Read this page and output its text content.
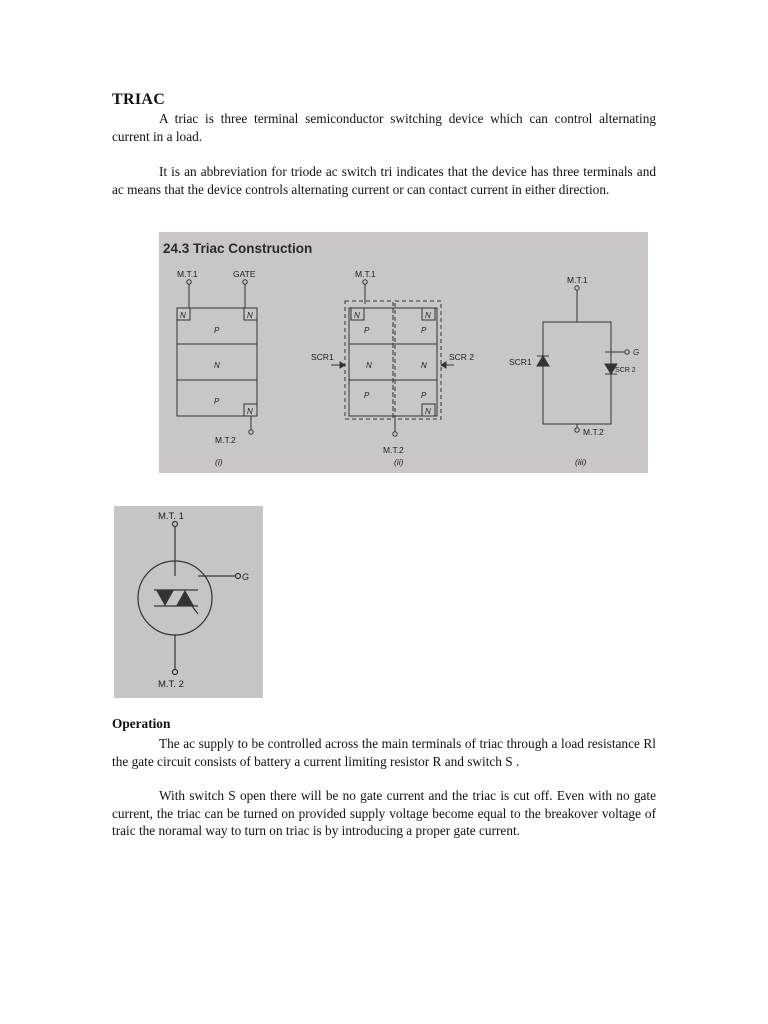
TRIAC
A triac is three terminal semiconductor switching device which can control alternating current in a load.
It is an abbreviation for triode ac switch tri indicates that the device has three terminals and ac means that the device controls alternating current or can contact current in either direction.
24.3 Triac Construction
M.T.1	GATE
N	N
P
N
P
N
M.T.2
(i)
M.T.1
SCR1	SCR 2
N	N
P	P
N	N
P	P
N
M.T.2
(ii)
M.T.1
SCR1
SCR 2
G
M.T.2
(iii)
M.T. 1
G
M.T. 2
Operation
The ac supply to be controlled across the main terminals of triac through a load resistance Rl the gate circuit consists of battery a current limiting resistor R and switch S .
With switch S open there will be no gate current and the triac is cut off. Even with no gate current, the triac can be turned on provided supply voltage become equal to the breakover voltage of traic the noramal way to turn on triac is by introducing a proper gate current.
